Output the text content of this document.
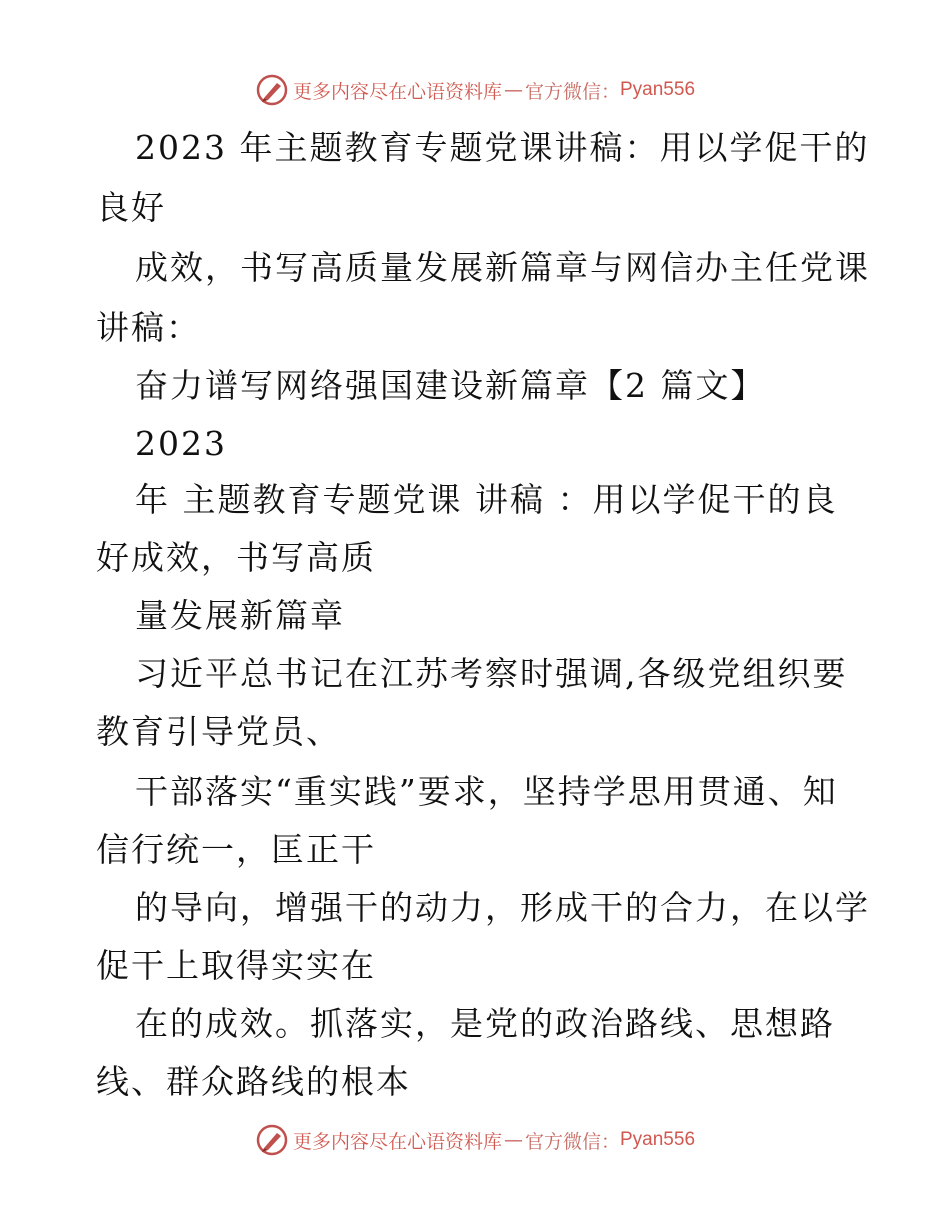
更多内容尽在心语资料库 — 官方微信： Pyan556
2023 年主题教育专题党课讲稿：用以学促干的
良好
成效，书写高质量发展新篇章与网信办主任党课
讲稿：
奋力谱写网络强国建设新篇章【2 篇文】
2023
年 主题教育专题党课 讲稿 ：用以学促干的良
好成效，书写高质
量发展新篇章
习近平总书记在江苏考察时强调,各级党组织要
教育引导党员、
干部落实“重实践”要求，坚持学思用贯通、知
信行统一，匡正干
的导向，增强干的动力，形成干的合力，在以学
促干上取得实实在
在的成效。抓落实，是党的政治路线、思想路
线、群众路线的根本
更多内容尽在心语资料库 — 官方微信： Pyan556
